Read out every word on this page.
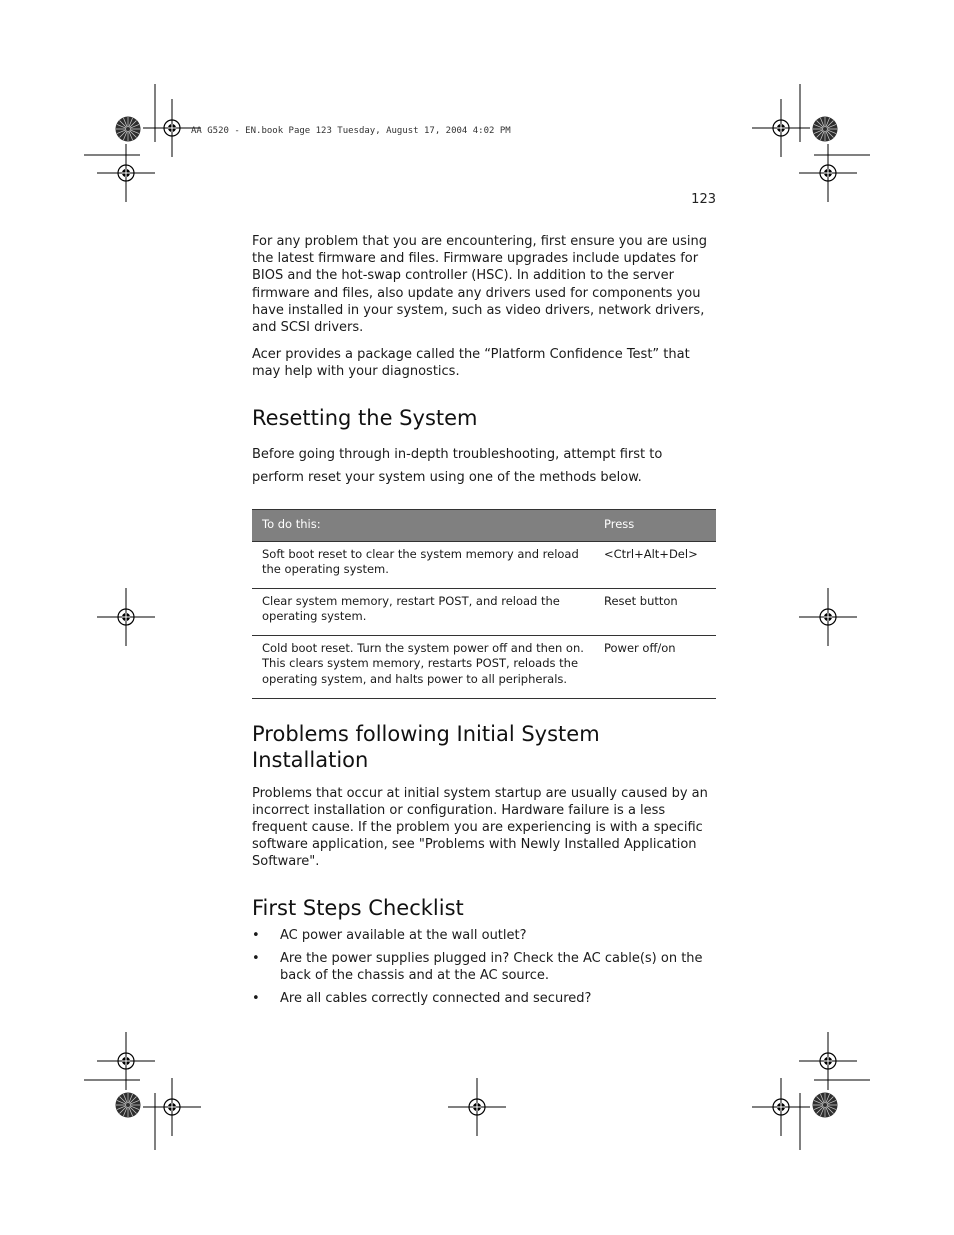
AA G520 - EN.book Page 123 Tuesday, August 17, 2004 4:02 PM
123

For any problem that you are encountering, first ensure you are using the latest firmware and files. Firmware upgrades include updates for BIOS and the hot-swap controller (HSC). In addition to the server firmware and files, also update any drivers used for components you have installed in your system, such as video drivers, network drivers, and SCSI drivers.

Acer provides a package called the “Platform Confidence Test” that may help with your diagnostics.

Resetting the System

Before going through in-depth troubleshooting, attempt first to perform reset your system using one of the methods below.

To do this:	Press
Soft boot reset to clear the system memory and reload the operating system.	<Ctrl+Alt+Del>
Clear system memory, restart POST, and reload the operating system.	Reset button
Cold boot reset. Turn the system power off and then on. This clears system memory, restarts POST, reloads the operating system, and halts power to all peripherals.	Power off/on
Problems following Initial System Installation

Problems that occur at initial system startup are usually caused by an incorrect installation or configuration. Hardware failure is a less frequent cause. If the problem you are experiencing is with a specific software application, see "Problems with Newly Installed Application Software".

First Steps Checklist
• AC power available at the wall outlet?
• Are the power supplies plugged in? Check the AC cable(s) on the back of the chassis and at the AC source.
• Are all cables correctly connected and secured?
